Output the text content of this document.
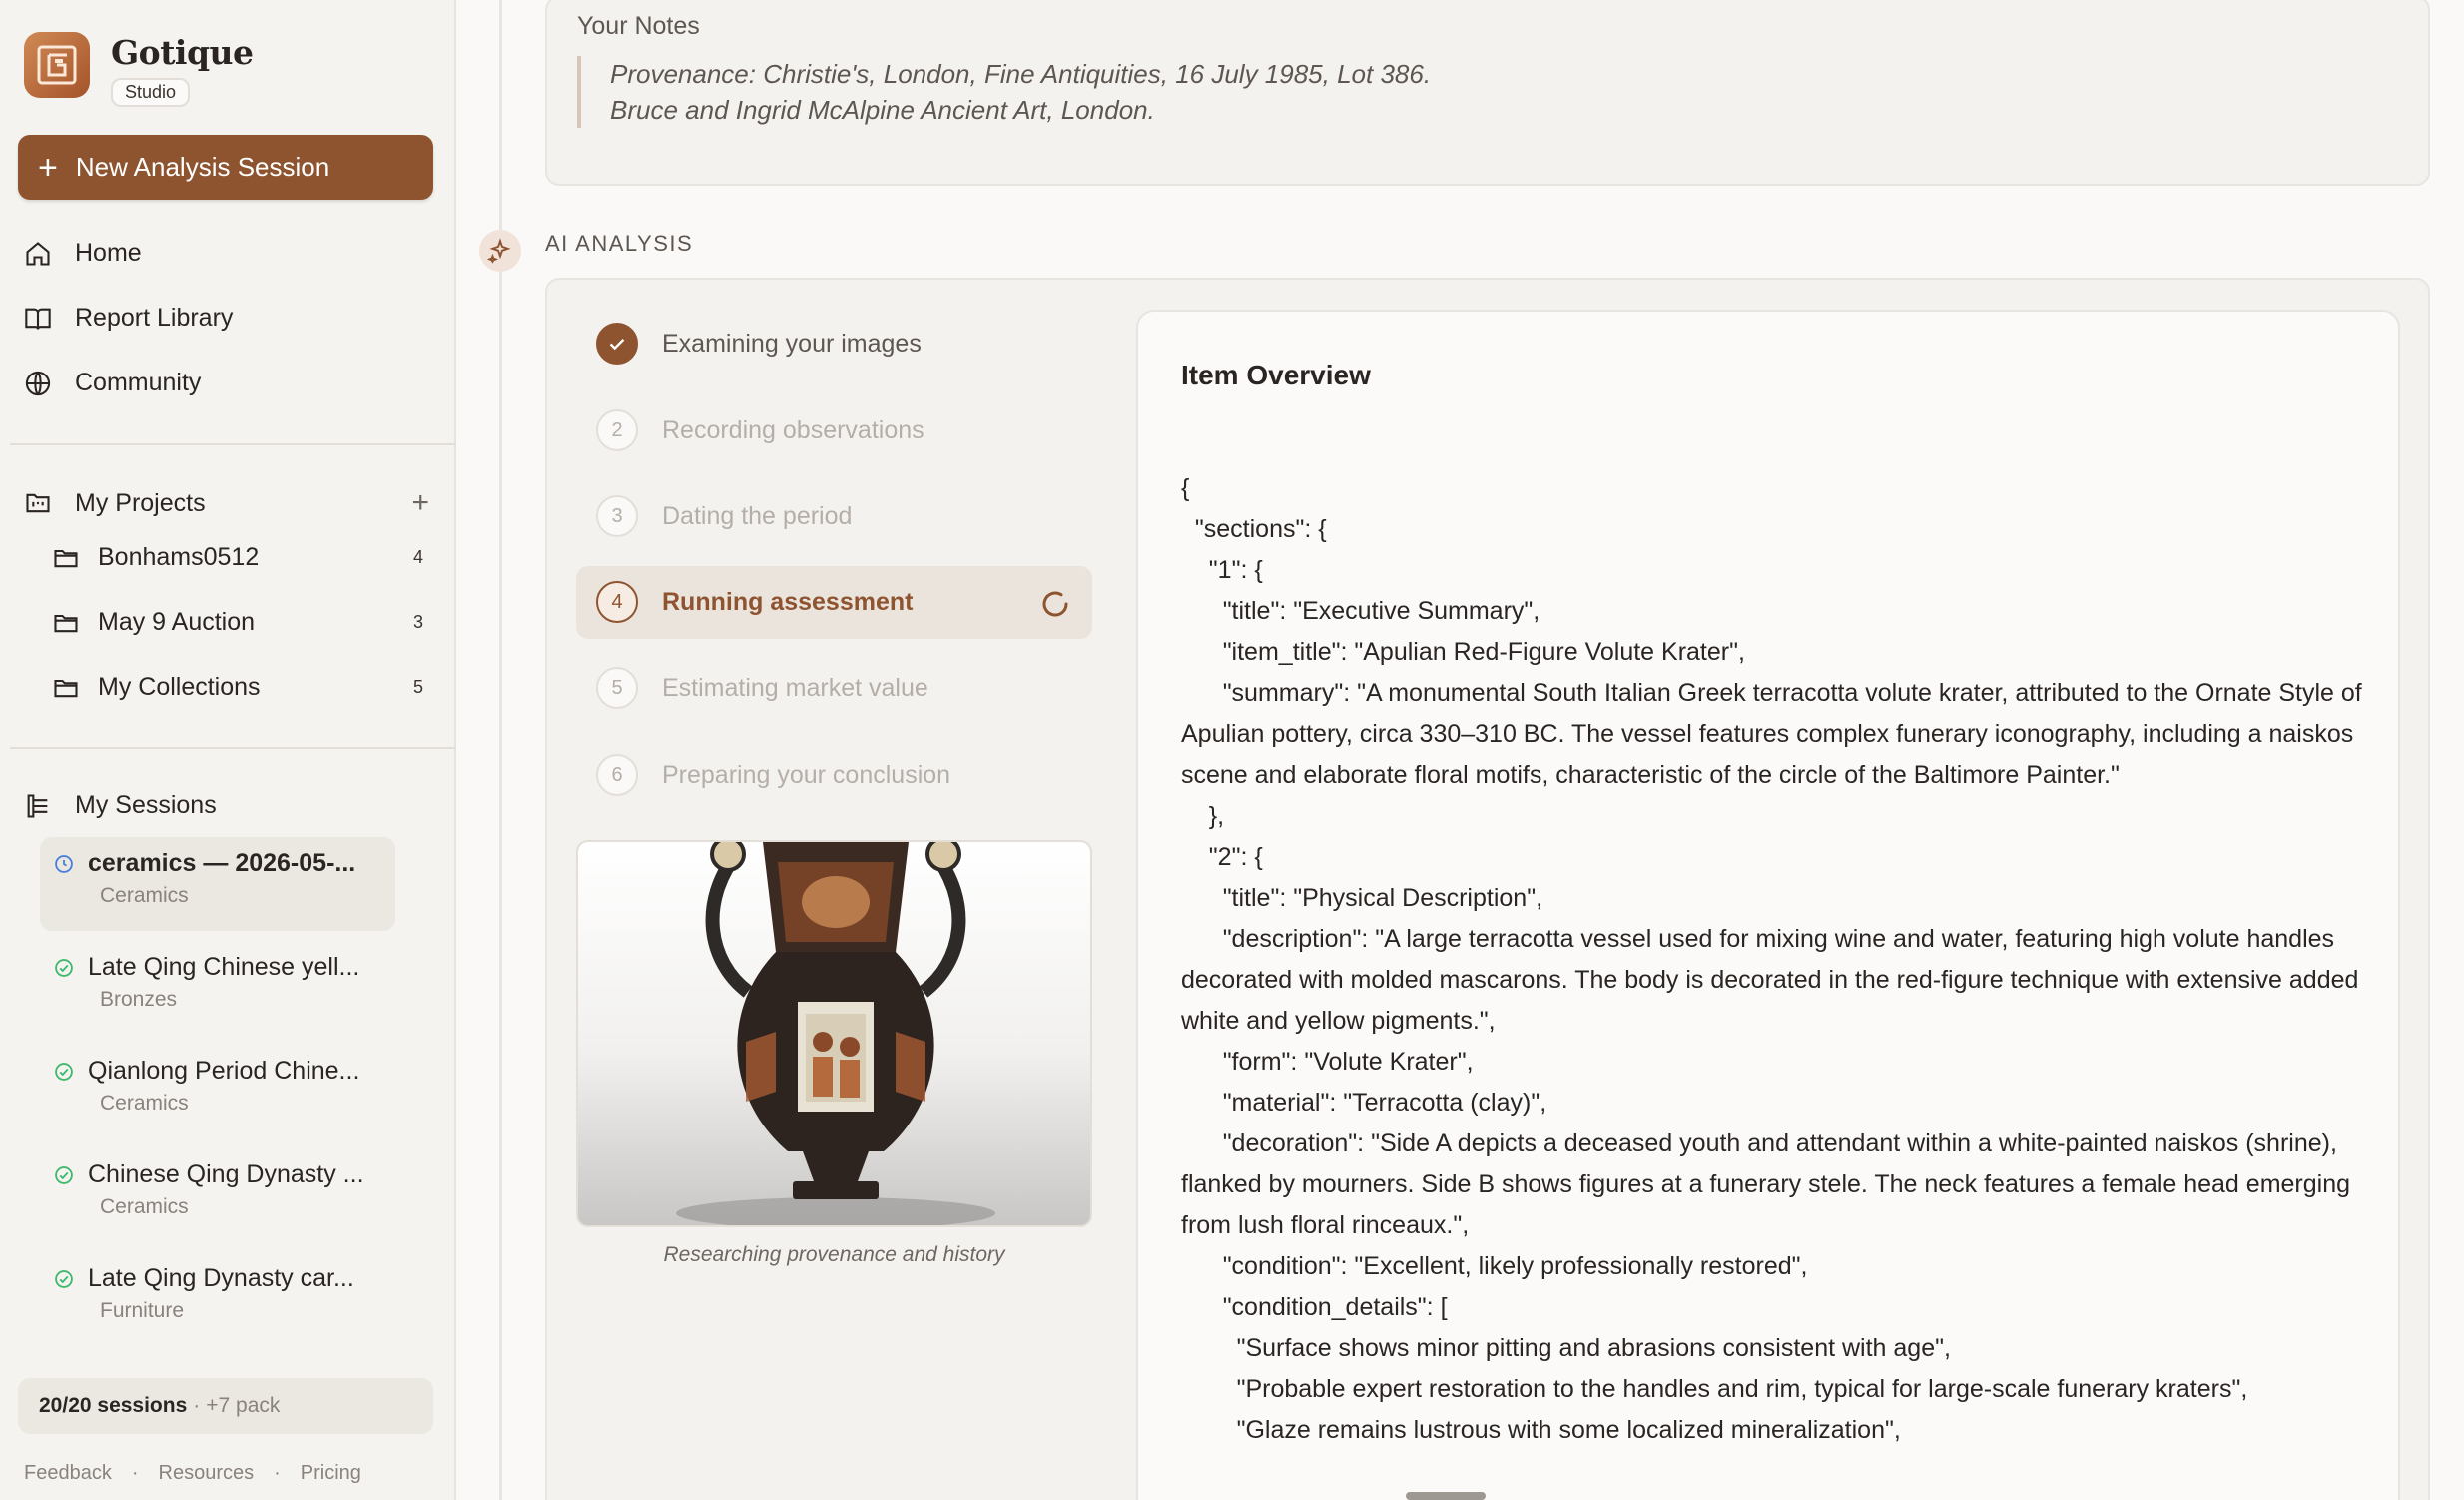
Gotique
Studio
+ New Analysis Session
Home
Report Library
Community
My Projects	+
Bonhams0512	4
May 9 Auction	3
My Collections	5
My Sessions
ceramics — 2026-05-...
Ceramics
Late Qing Chinese yell...
Bronzes
Qianlong Period Chine...
Ceramics
Chinese Qing Dynasty ...
Ceramics
Late Qing Dynasty car...
Furniture
20/20 sessions · +7 pack
Feedback · Resources · Pricing
Your Notes
Provenance: Christie's, London, Fine Antiquities, 16 July 1985, Lot 386.
Bruce and Ingrid McAlpine Ancient Art, London.
AI ANALYSIS
Examining your images
2	Recording observations
3	Dating the period
4	Running assessment
5	Estimating market value
6	Preparing your conclusion
Researching provenance and history
Item Overview
{
"sections": {
"1": {
"title": "Executive Summary",
"item_title": "Apulian Red-Figure Volute Krater",
"summary": "A monumental South Italian Greek terracotta volute krater, attributed to the Ornate Style of Apulian pottery, circa 330–310 BC. The vessel features complex funerary iconography, including a naiskos scene and elaborate floral motifs, characteristic of the circle of the Baltimore Painter."
},
"2": {
"title": "Physical Description",
"description": "A large terracotta vessel used for mixing wine and water, featuring high volute handles decorated with molded mascarons. The body is decorated in the red-figure technique with extensive added white and yellow pigments.",
"form": "Volute Krater",
"material": "Terracotta (clay)",
"decoration": "Side A depicts a deceased youth and attendant within a white-painted naiskos (shrine), flanked by mourners. Side B shows figures at a funerary stele. The neck features a female head emerging from lush floral rinceaux.",
"condition": "Excellent, likely professionally restored",
"condition_details": [
"Surface shows minor pitting and abrasions consistent with age",
"Probable expert restoration to the handles and rim, typical for large-scale funerary kraters",
"Glaze remains lustrous with some localized mineralization",
